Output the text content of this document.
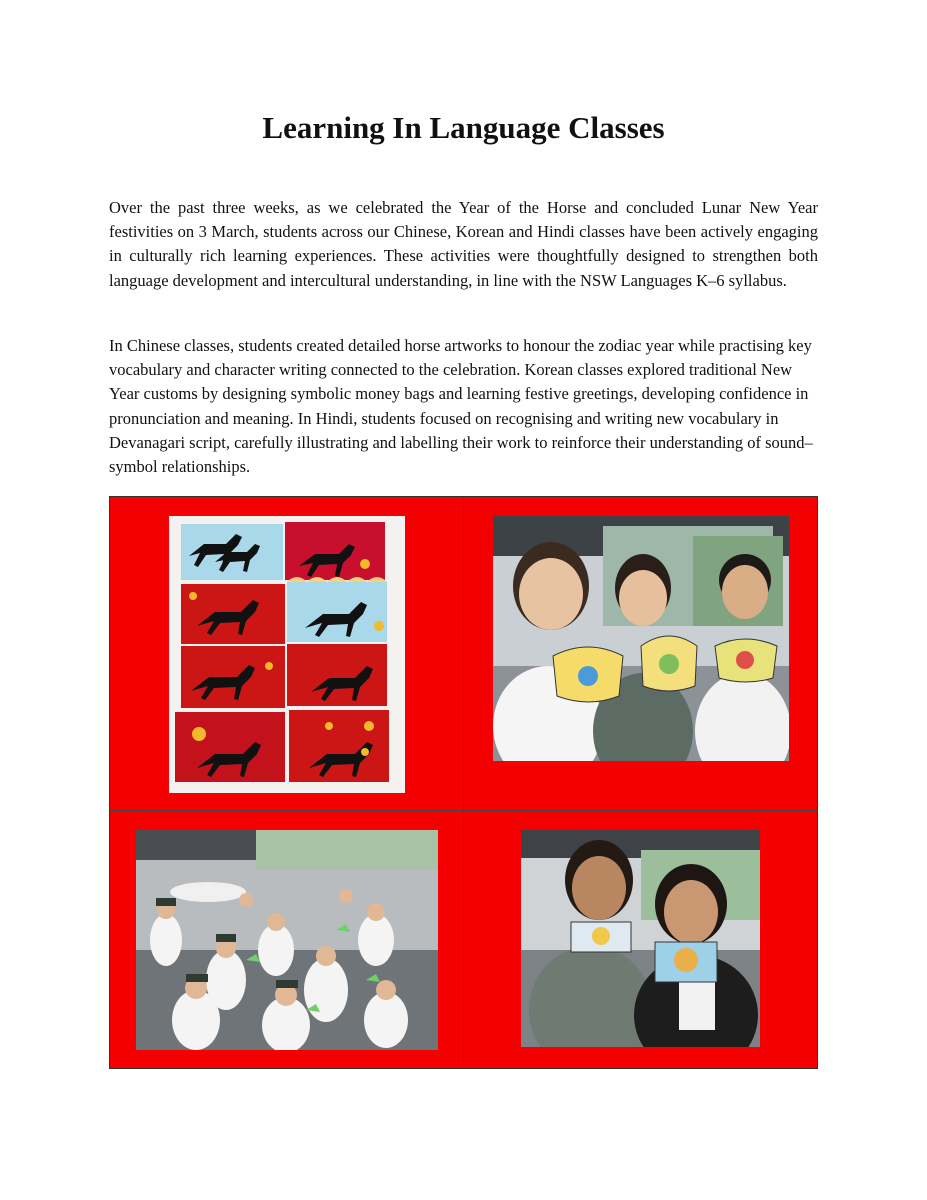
Learning In Language Classes

Over the past three weeks, as we celebrated the Year of the Horse and concluded Lunar New Year festivities on 3 March, students across our Chinese, Korean and Hindi classes have been actively engaging in culturally rich learning experiences. These activities were thoughtfully designed to strengthen both language development and intercultural understanding, in line with the NSW Languages K–6 syllabus.

In Chinese classes, students created detailed horse artworks to honour the zodiac year while practising key vocabulary and character writing connected to the celebration. Korean classes explored traditional New Year customs by designing symbolic money bags and learning festive greetings, developing confidence in pronunciation and meaning. In Hindi, students focused on recognising and writing new vocabulary in Devanagari script, carefully illustrating and labelling their work to reinforce their understanding of sound–symbol relationships.
